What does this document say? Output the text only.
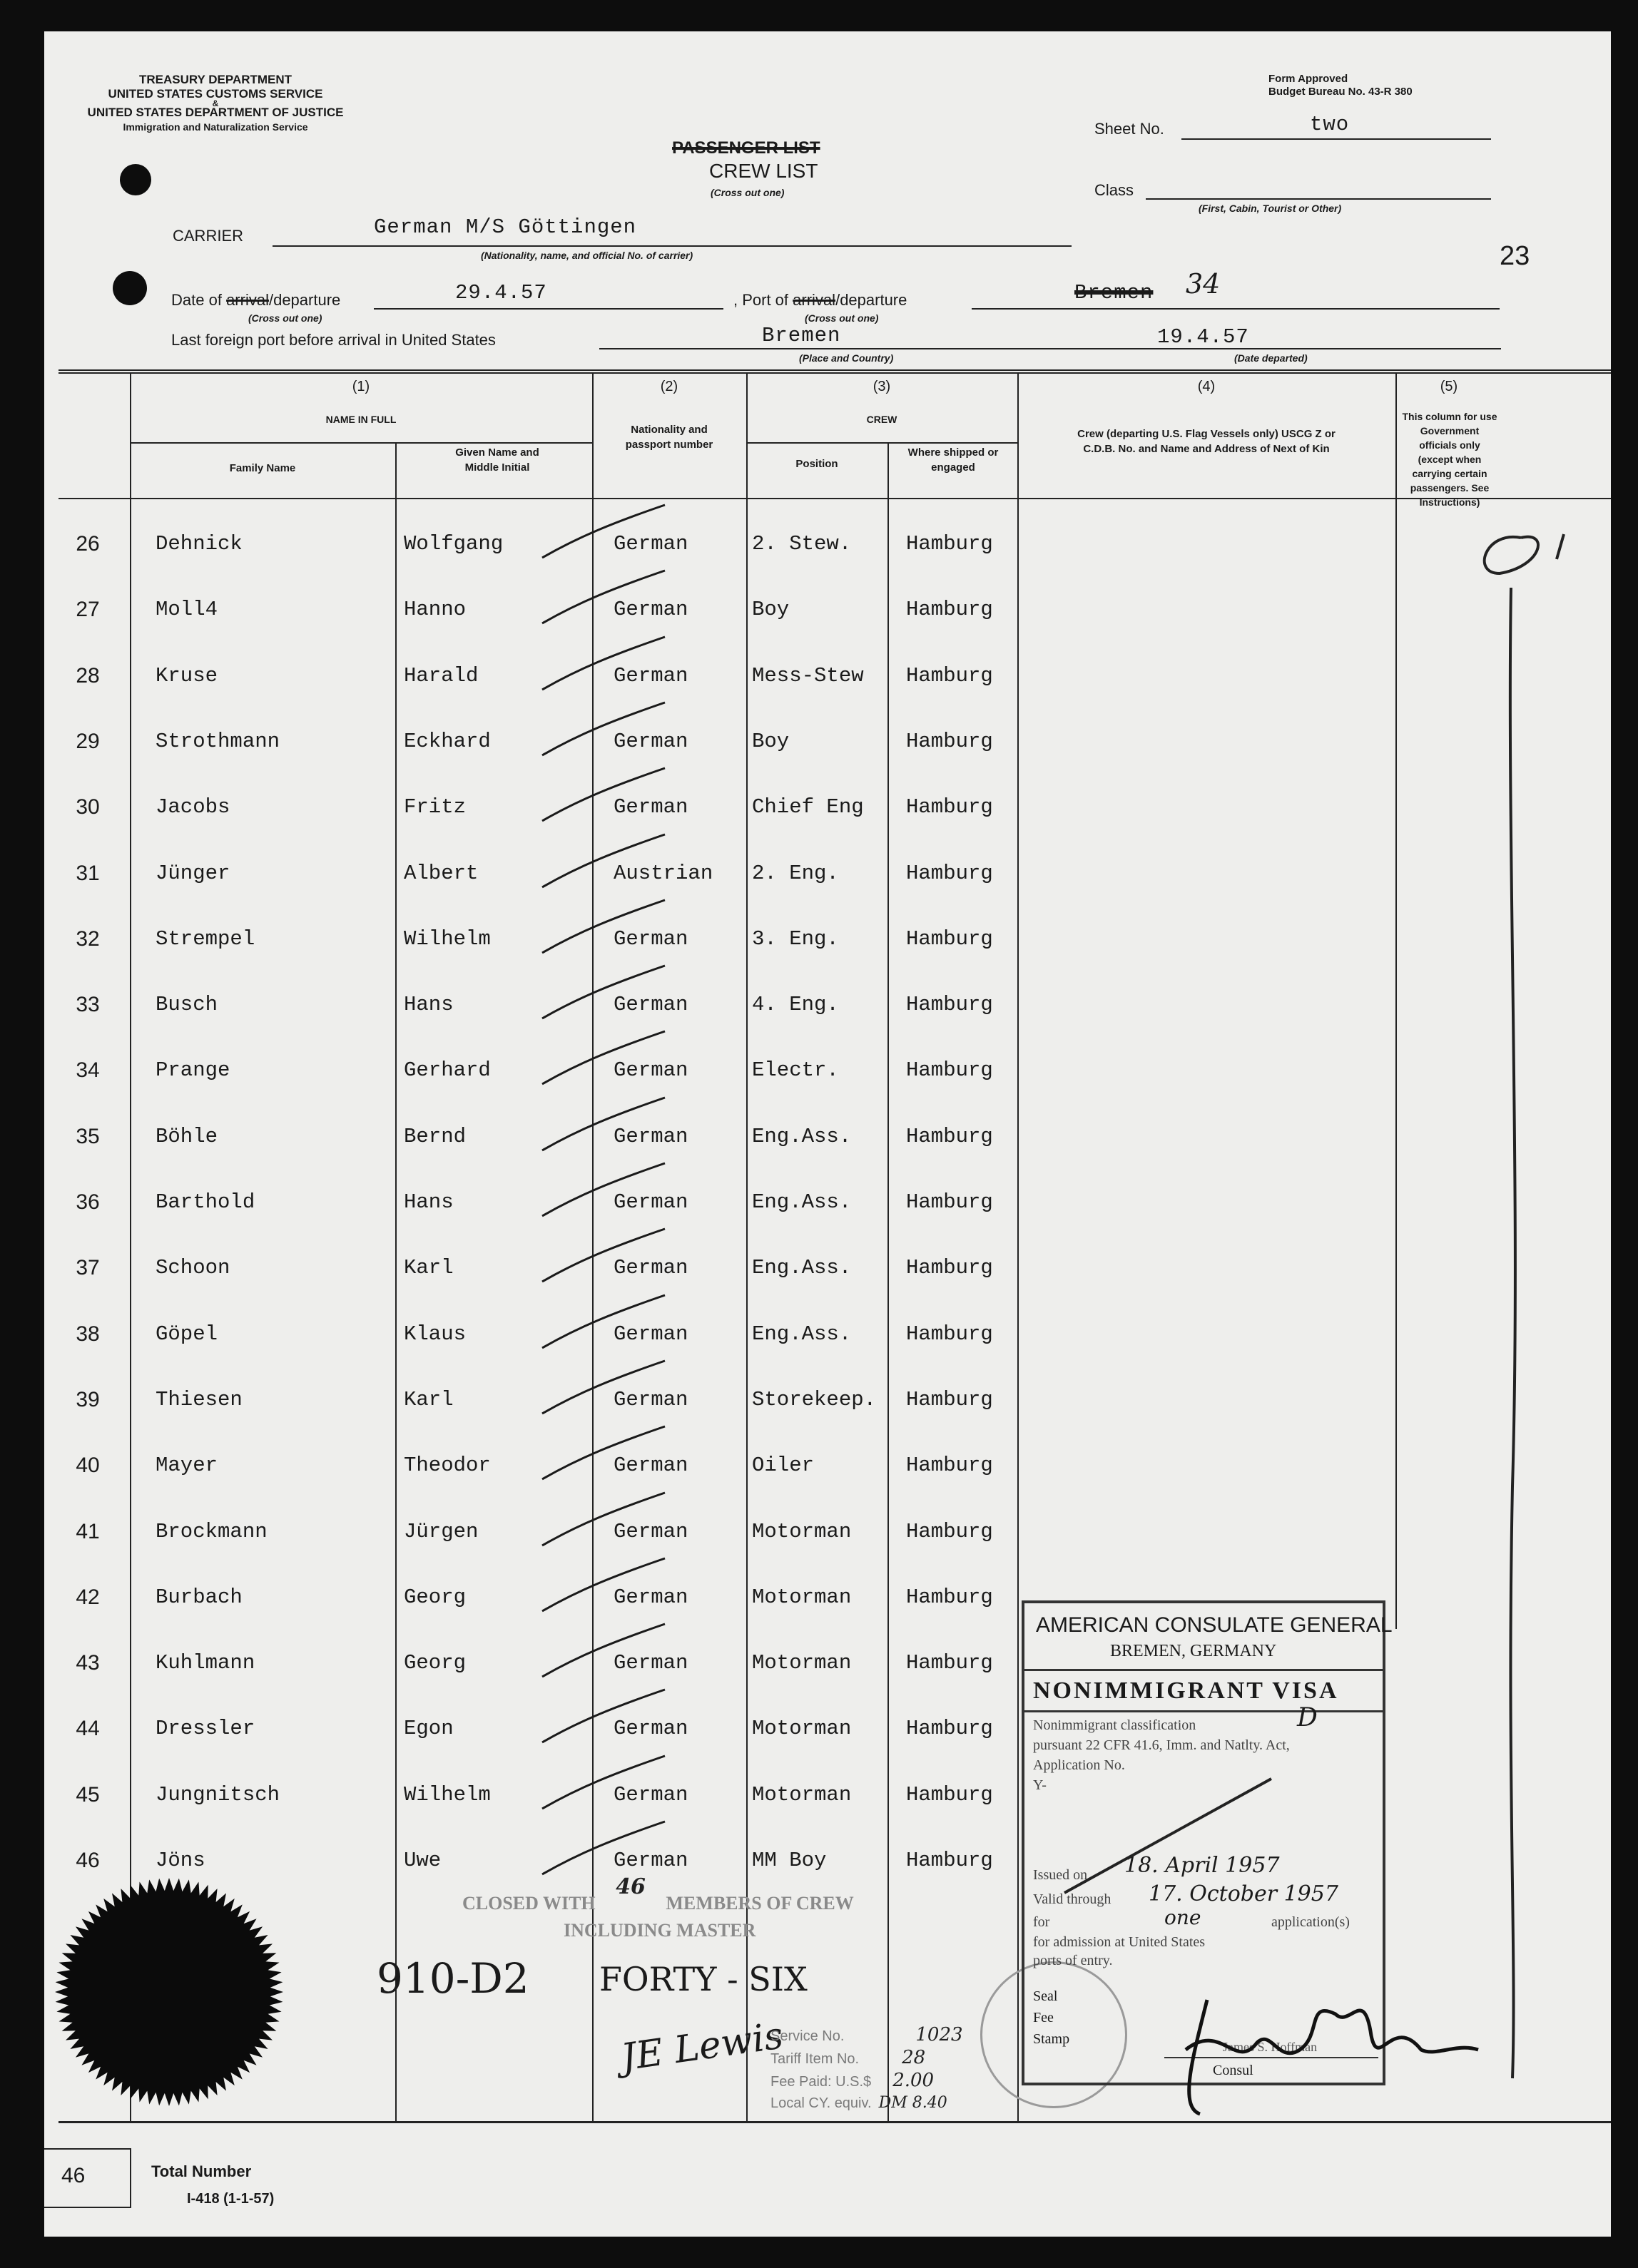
TREASURY DEPARTMENT
UNITED STATES CUSTOMS SERVICE
&
UNITED STATES DEPARTMENT OF JUSTICE
Immigration and Naturalization Service
Form Approved
Budget Bureau No. 43-R 380
PASSENGER LIST
CREW LIST
(Cross out one)
Sheet No.	two
Class
(First, Cabin, Tourist or Other)
23
CARRIER	German M/S Göttingen
(Nationality, name, and official No. of carrier)
Date of arrival/departure
(Cross out one)
29.4.57	, Port of arrival/departure
(Cross out one)
Bremen 34
Last foreign port before arrival in United States	Bremen
(Place and Country)
19.4.57
(Date departed)
(1)
NAME IN FULL
Family Name
Given Name and Middle Initial
(2)
Nationality and passport number
(3)
CREW
Position
Where shipped or engaged
(4)
Crew (departing U.S. Flag Vessels only) USCG Z or C.D.B. No. and Name and Address of Next of Kin
(5)
This column for use Government officials only (except when carrying certain passengers. See Instructions)
26	Dehnick	Wolfgang	German	2. Stew.	Hamburg
27	Moll4	Hanno	German	Boy	Hamburg
28	Kruse	Harald	German	Mess-Stew Hamburg
29	Strothmann	Eckhard	German	Boy	Hamburg
30	Jacobs	Fritz	German	Chief Eng Hamburg
31	Jünger	Albert	Austrian 2. Eng.	Hamburg
32	Strempel	Wilhelm	German	3. Eng.	Hamburg
33	Busch	Hans	German	4. Eng.	Hamburg
34	Prange	Gerhard	German	Electr.	Hamburg
35	Böhle	Bernd	German	Eng.Ass.	Hamburg
36	Barthold	Hans	German	Eng.Ass.	Hamburg
37	Schoon	Karl	German	Eng.Ass.	Hamburg
38	Göpel	Klaus	German	Eng.Ass.	Hamburg
39	Thiesen	Karl	German	Storekeep. Hamburg
40	Mayer	Theodor	German	Oiler	Hamburg
41	Brockmann	Jürgen	German	Motorman	Hamburg
42	Burbach	Georg	German	Motorman	Hamburg
43	Kuhlmann	Georg	German	Motorman	Hamburg
44	Dressler	Egon	German	Motorman	Hamburg
45	Jungnitsch	Wilhelm	German	Motorman	Hamburg
46	Jöns	Uwe	German	MM Boy	Hamburg
CLOSED WITH 46 MEMBERS OF CREW
INCLUDING MASTER
910-D2 FORTY - SIX
JE Lewis
Service No.	1023
Tariff Item No. 28
Fee Paid: U.S.$ 2.00
Local CY. equiv. DM 8.40
AMERICAN CONSULATE GENERAL
BREMEN, GERMANY
NONIMMIGRANT VISA
Nonimmigrant classification	D
pursuant 22 CFR 41.6, Imm. and Natlty. Act,
Application No.
Y-
Issued on 18. April 1957
Valid through 17. October 1957
for	one	application(s)
for admission at United States
ports of entry.
Seal
Fee
Stamp	James S. Hoffman
Consul
46	Total Number
I-418 (1-1-57)
